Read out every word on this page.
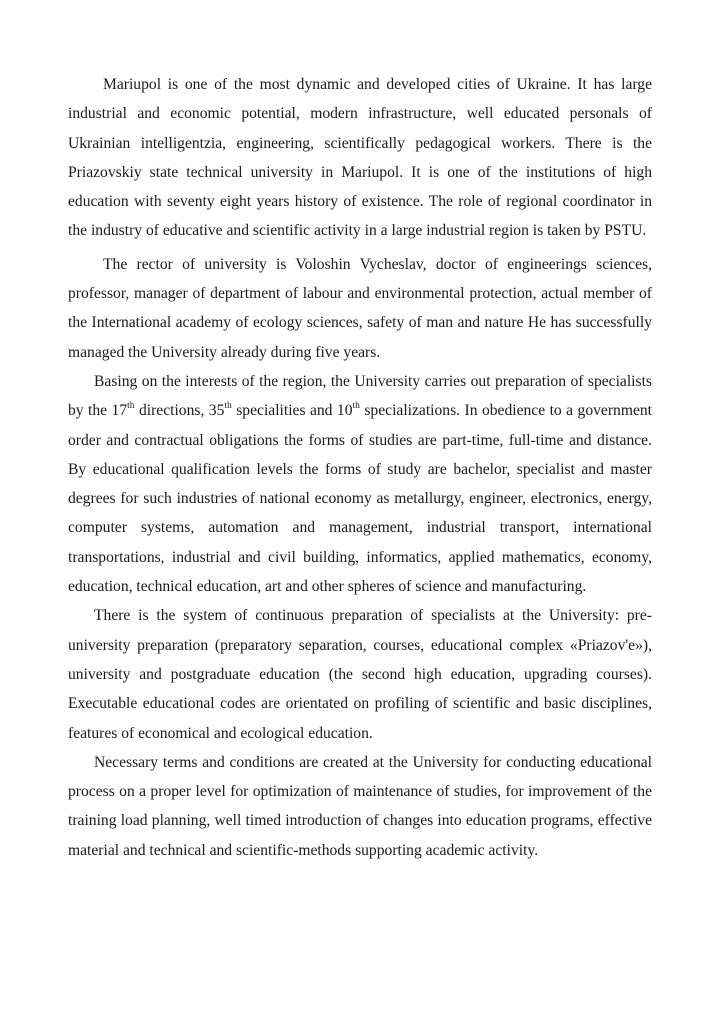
Mariupol is one of the most dynamic and developed cities of Ukraine. It has large industrial and economic potential, modern infrastructure, well educated personals of Ukrainian intelligentzia, engineering, scientifically pedagogical workers. There is the Priazovskiy state technical university in Mariupol. It is one of the institutions of high education with seventy eight years history of existence. The role of regional coordinator in the industry of educative and scientific activity in a large industrial region is taken by PSTU.

The rector of university is Voloshin Vycheslav, doctor of engineerings sciences, professor, manager of department of labour and environmental protection, actual member of the International academy of ecology sciences, safety of man and nature He has successfully managed the University already during five years.

Basing on the interests of the region, the University carries out preparation of specialists by the 17th directions, 35th specialities and 10th specializations. In obedience to a government order and contractual obligations the forms of studies are part-time, full-time and distance. By educational qualification levels the forms of study are bachelor, specialist and master degrees for such industries of national economy as metallurgy, engineer, electronics, energy, computer systems, automation and management, industrial transport, international transportations, industrial and civil building, informatics, applied mathematics, economy, education, technical education, art and other spheres of science and manufacturing.

There is the system of continuous preparation of specialists at the University: pre-university preparation (preparatory separation, courses, educational complex «Priazov'e»), university and postgraduate education (the second high education, upgrading courses). Executable educational codes are orientated on profiling of scientific and basic disciplines, features of economical and ecological education.

Necessary terms and conditions are created at the University for conducting educational process on a proper level for optimization of maintenance of studies, for improvement of the training load planning, well timed introduction of changes into education programs, effective material and technical and scientific-methods supporting academic activity.
